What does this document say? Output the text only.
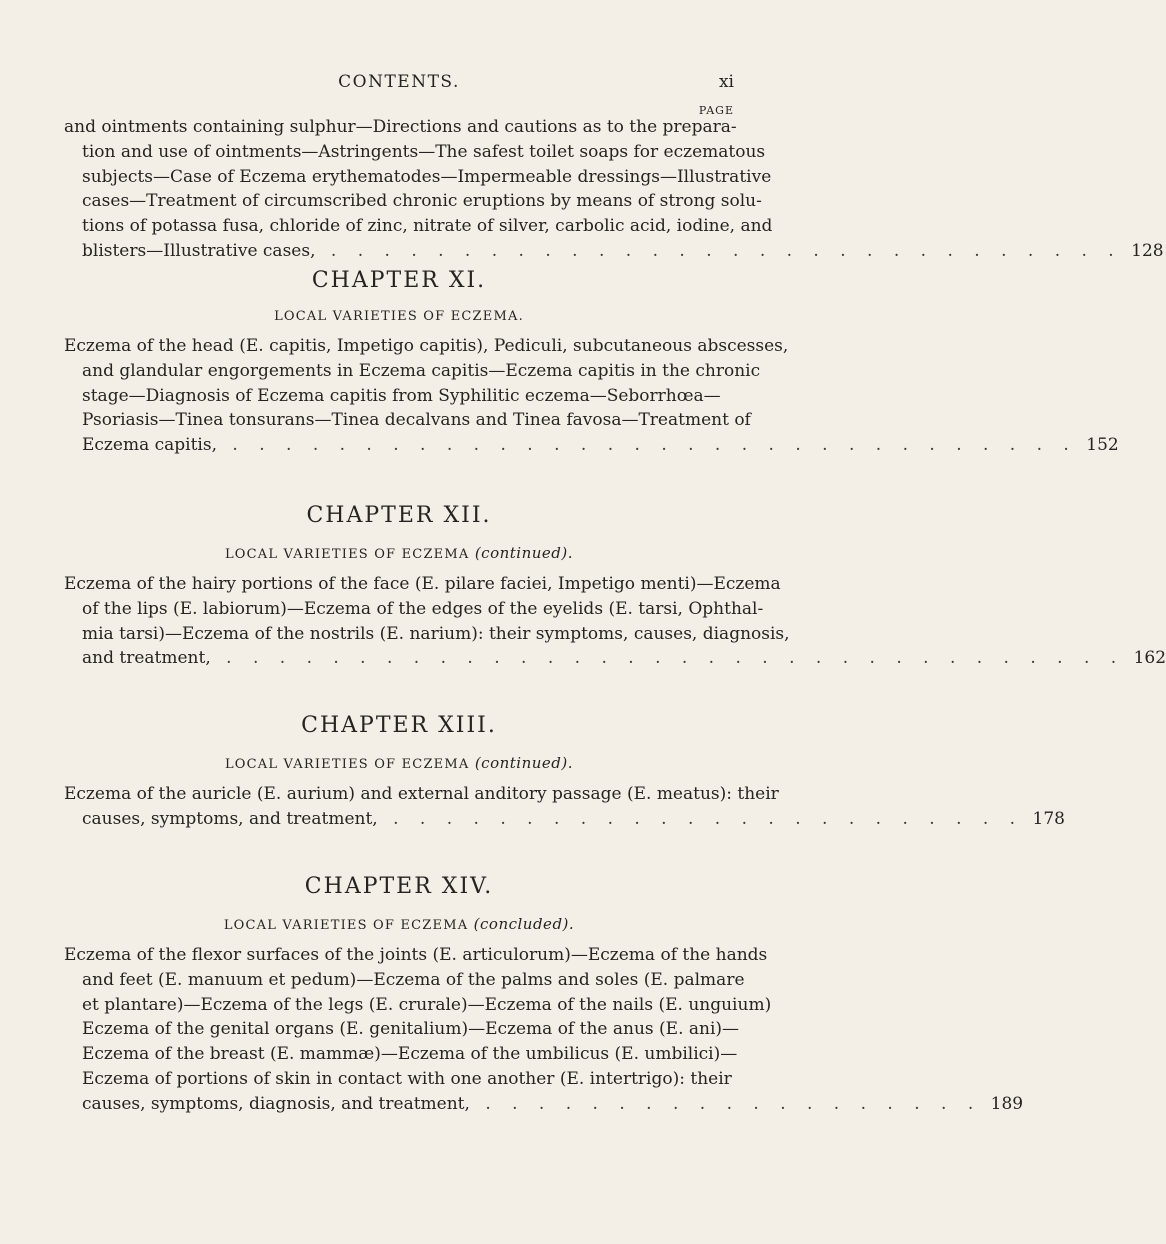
CONTENTS.	xi
PAGE
and ointments containing sulphur—Directions and cautions as to the prepara-
tion and use of ointments—Astringents—The safest toilet soaps for eczematous
subjects—Case of Eczema erythematodes—Impermeable dressings—Illustrative
cases—Treatment of circumscribed chronic eruptions by means of strong solu-
tions of potassa fusa, chloride of zinc, nitrate of silver, carbolic acid, iodine, and
blisters—Illustrative cases, . . . . . . . . . . . . . . . . . . . . . . . . . . . . . . 128
CHAPTER XI.
LOCAL VARIETIES OF ECZEMA.
Eczema of the head (E. capitis, Impetigo capitis), Pediculi, subcutaneous abscesses,
and glandular engorgements in Eczema capitis—Eczema capitis in the chronic
stage—Diagnosis of Eczema capitis from Syphilitic eczema—Seborrhœa—
Psoriasis—Tinea tonsurans—Tinea decalvans and Tinea favosa—Treatment of
Eczema capitis, . . . . . . . . . . . . . . . . . . . . . . . . . . . . . . . . 152
CHAPTER XII.
LOCAL VARIETIES OF ECZEMA (continued).
Eczema of the hairy portions of the face (E. pilare faciei, Impetigo menti)—Eczema
of the lips (E. labiorum)—Eczema of the edges of the eyelids (E. tarsi, Ophthal-
mia tarsi)—Eczema of the nostrils (E. narium): their symptoms, causes, diagnosis,
and treatment, . . . . . . . . . . . . . . . . . . . . . . . . . . . . . . . . . . 162
CHAPTER XIII.
LOCAL VARIETIES OF ECZEMA (continued).
Eczema of the auricle (E. aurium) and external anditory passage (E. meatus): their
causes, symptoms, and treatment, . . . . . . . . . . . . . . . . . . . . . . . . 178
CHAPTER XIV.
LOCAL VARIETIES OF ECZEMA (concluded).
Eczema of the flexor surfaces of the joints (E. articulorum)—Eczema of the hands
and feet (E. manuum et pedum)—Eczema of the palms and soles (E. palmare
et plantare)—Eczema of the legs (E. crurale)—Eczema of the nails (E. unguium)
Eczema of the genital organs (E. genitalium)—Eczema of the anus (E. ani)—
Eczema of the breast (E. mammæ)—Eczema of the umbilicus (E. umbilici)—
Eczema of portions of skin in contact with one another (E. intertrigo): their
causes, symptoms, diagnosis, and treatment, . . . . . . . . . . . . . . . . . . . 189
